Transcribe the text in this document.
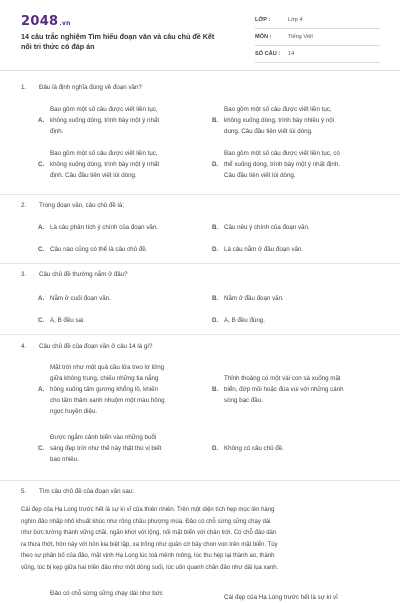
2048.vn
14 câu trắc nghiệm Tìm hiểu đoạn văn và câu chủ đề Kết
nối tri thức có đáp án
LỚP :	Lớp 4
MÔN :	Tiếng Việt
SỐ CÂU : 14
1. Đâu là định nghĩa đúng về đoạn văn?
A.
Bao gồm một số câu được viết liền tục,
không xuống dòng, trình bày một ý nhất
định.
B.
Bao gồm một số câu được viết liền tục,
không xuống dòng, trình bày nhiều ý nội
dung. Câu đầu tiên viết lùi dòng.
C.
Bao gồm một số câu được viết liền tục,
không xuống dòng, trình bày một ý nhất
định. Câu đầu tiên viết lùi dòng.
D.
Bao gồm một số câu được viết liền tục, có
thể xuống dòng, trình bày một ý nhất định.
Câu đầu tiên viết lùi dòng.
2. Trong đoạn văn, câu chủ đề là:
A. Là câu phân tích ý chính của đoạn văn.	B. Câu nêu ý chính của đoạn văn.
C. Câu nào cũng có thể là câu chủ đề.	D. Là câu nằm ở đầu đoạn văn.
3. Câu chủ đề thường nằm ở đâu?
A. Nằm ở cuối đoạn văn.	B. Nằm ở đầu đoạn văn.
C. A, B đều sai.	D. A, B đều đúng.
4. Câu chủ đề của đoạn văn ở câu 14 là gì?
A.
Mặt trời như một quả cầu lửa treo lơ lửng
giữa không trung, chiếu những tia nắng
hồng xuống tấm gương khổng lồ, khiến
cho tấm thảm xanh nhuộm một màu hồng
ngọc huyền diệu.
B.
Thỉnh thoảng có một vài con sà xuống mặt
biển, đớp mồi hoặc đùa vui với những cánh
sóng bạc đầu.
C.
Được ngắm cảnh biển vào những buổi
sáng đẹp trời như thế này thật thú vị biết
bao nhiêu.
D. Không có câu chủ đề.
5. Tìm câu chủ đề của đoạn văn sau:
Cái đẹp của Hạ Long trước hết là sự kì vĩ của thiên nhiên. Trên một diện tích hẹp mọc lên hàng
nghìn đảo nhấp nhô khuất khúc như rồng chầu phượng múa. Đảo có chỗ sừng sững chạy dài
như bức tường thành vững chãi, ngăn khơi với lộng, nối mặt biển với chân trời. Có chỗ đảo dàn
ra thưa thớt, hòn này với hòn kia biệt lập, xa trông như quân cờ bày chon von trên mặt biển. Tùy
theo sự phân bố của đảo, mặt vịnh Hạ Long lúc toả mênh mông, lúc thu hẹp lại thành ao, thành
vũng, lúc bị kẹp giữa hai triền đảo như một dòng suối, lúc uốn quanh chân đảo như dải lụa xanh.
Đảo có chỗ sừng sững chạy dài như bức
Cái đẹp của Hạ Long trước hết là sự kì vĩ
